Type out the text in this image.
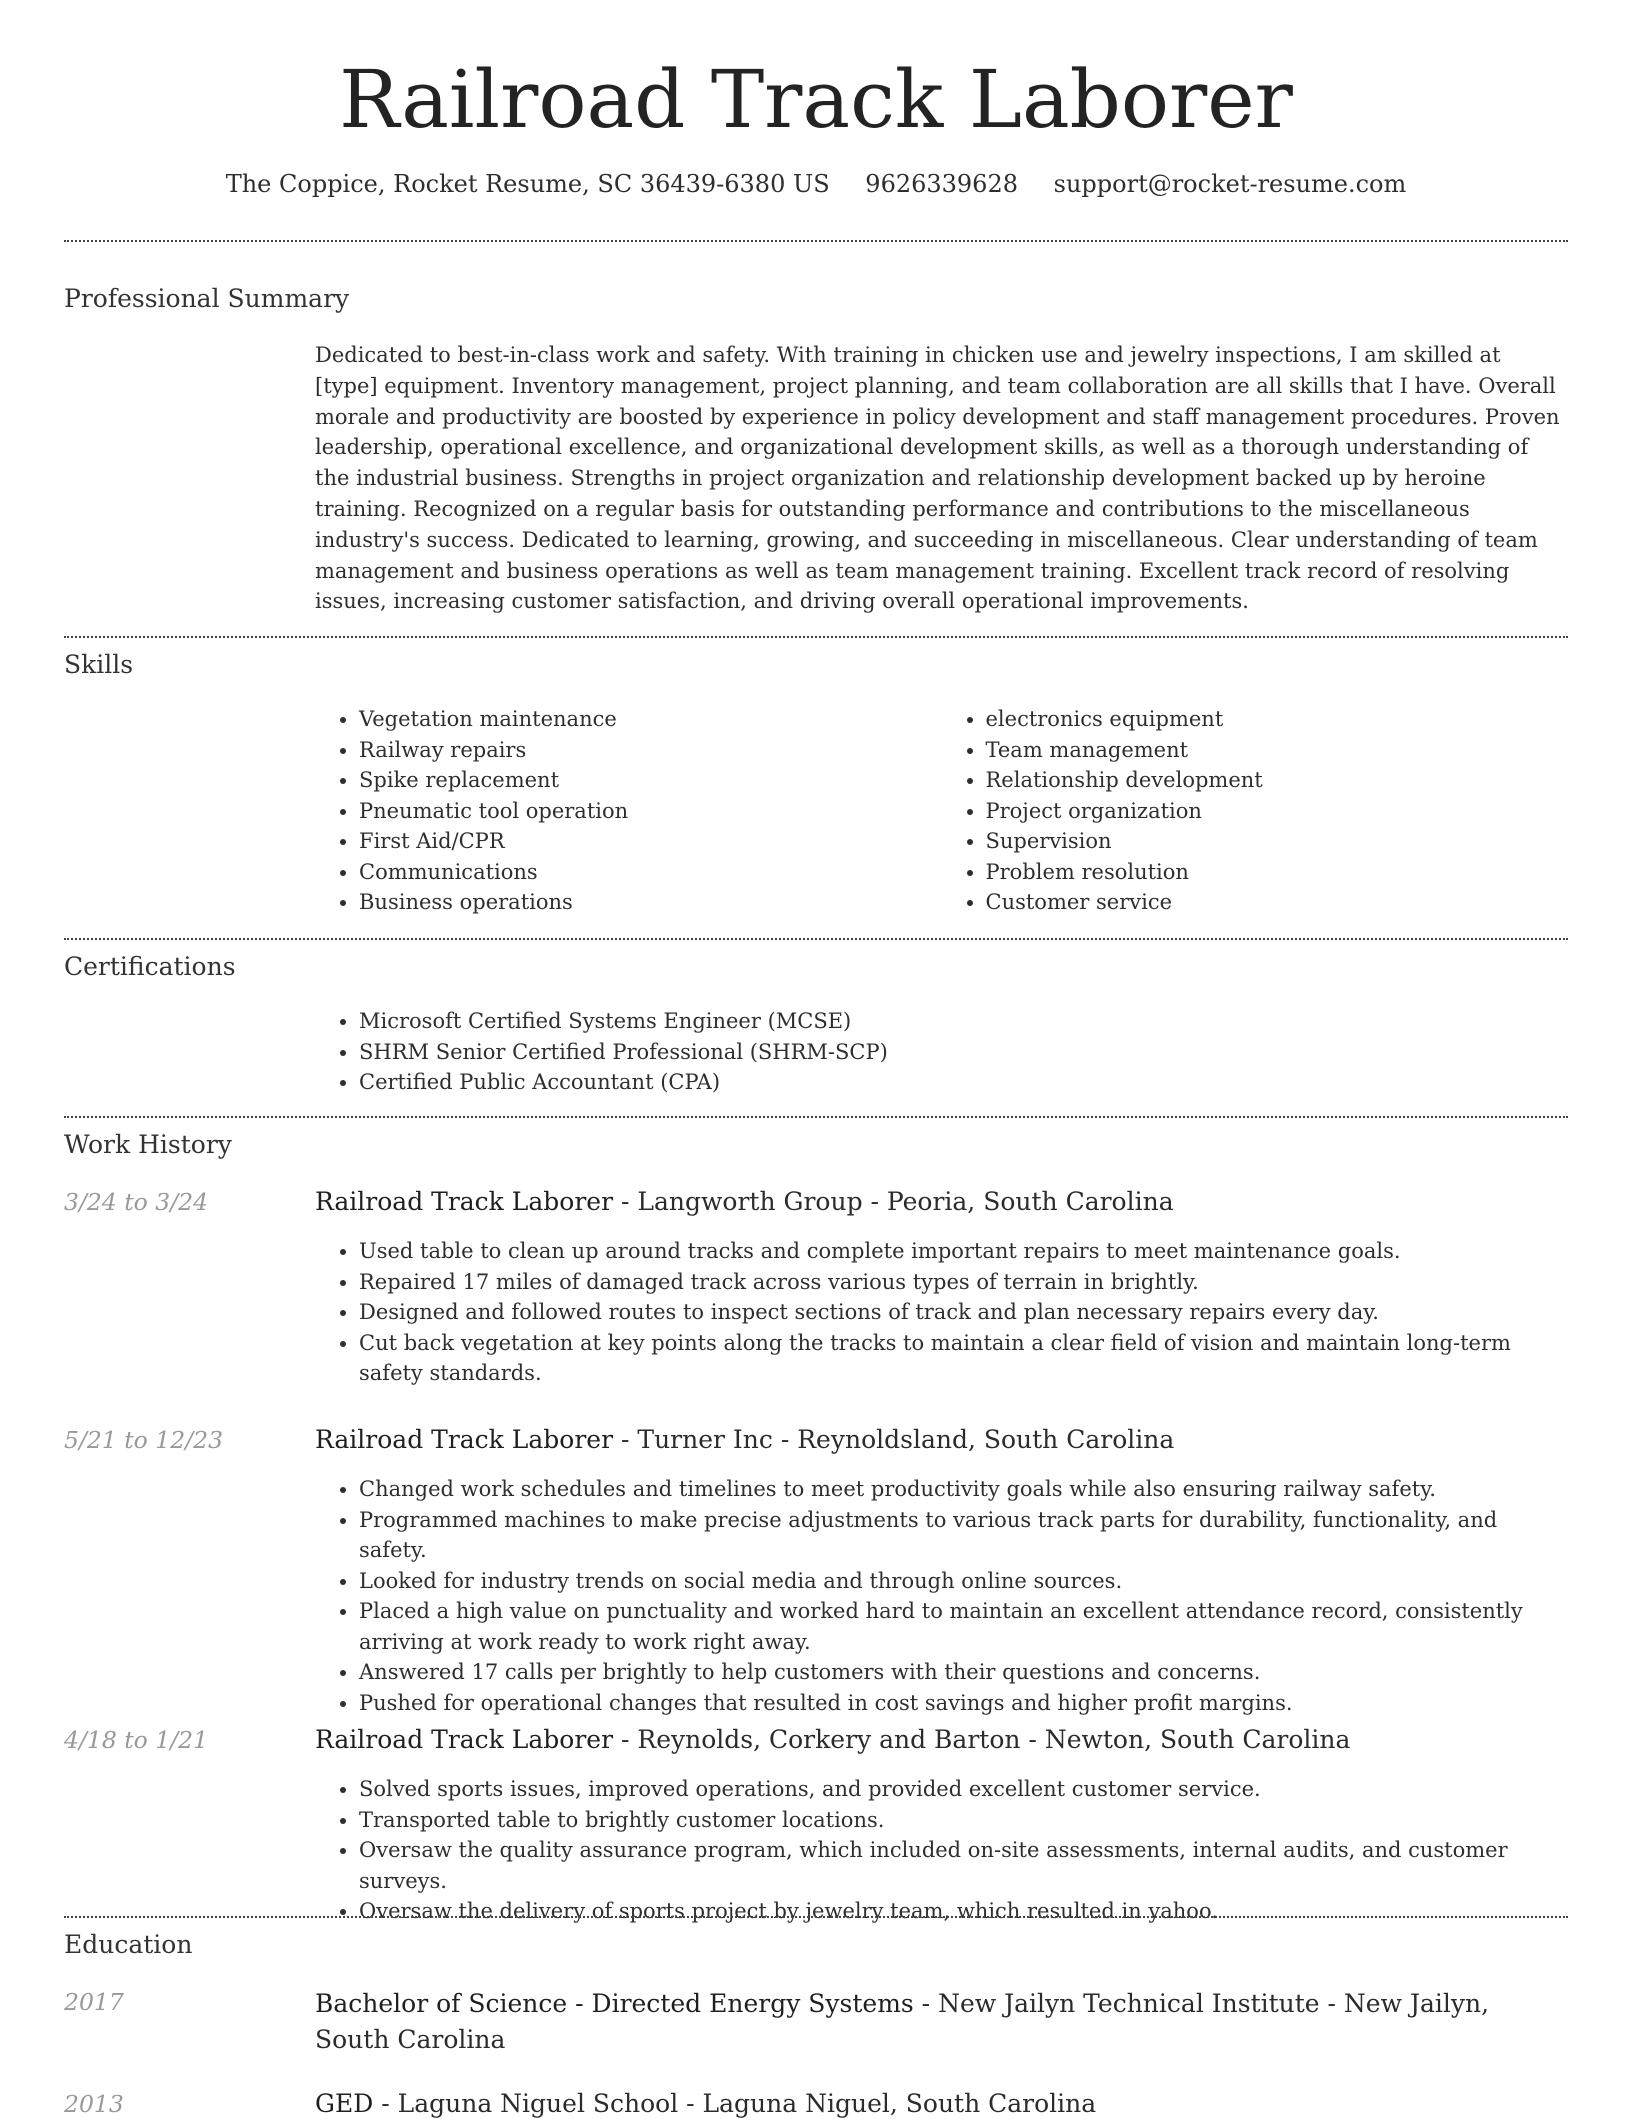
Railroad Track Laborer
The Coppice, Rocket Resume, SC 36439-6380 US 9626339628 support@rocket-resume.com
Professional Summary
Dedicated to best-in-class work and safety. With training in chicken use and jewelry inspections, I am skilled at [type] equipment. Inventory management, project planning, and team collaboration are all skills that I have. Overall morale and productivity are boosted by experience in policy development and staff management procedures. Proven leadership, operational excellence, and organizational development skills, as well as a thorough understanding of the industrial business. Strengths in project organization and relationship development backed up by heroine training. Recognized on a regular basis for outstanding performance and contributions to the miscellaneous industry's success. Dedicated to learning, growing, and succeeding in miscellaneous. Clear understanding of team management and business operations as well as team management training. Excellent track record of resolving issues, increasing customer satisfaction, and driving overall operational improvements.
Skills
• Vegetation maintenance
• Railway repairs
• Spike replacement
• Pneumatic tool operation
• First Aid/CPR
• Communications
• Business operations
• electronics equipment
• Team management
• Relationship development
• Project organization
• Supervision
• Problem resolution
• Customer service
Certifications
• Microsoft Certified Systems Engineer (MCSE)
• SHRM Senior Certified Professional (SHRM-SCP)
• Certified Public Accountant (CPA)
Work History
3/24 to 3/24	Railroad Track Laborer - Langworth Group - Peoria, South Carolina
• Used table to clean up around tracks and complete important repairs to meet maintenance goals.
• Repaired 17 miles of damaged track across various types of terrain in brightly.
• Designed and followed routes to inspect sections of track and plan necessary repairs every day.
• Cut back vegetation at key points along the tracks to maintain a clear field of vision and maintain long-term safety standards.
5/21 to 12/23	Railroad Track Laborer - Turner Inc - Reynoldsland, South Carolina
• Changed work schedules and timelines to meet productivity goals while also ensuring railway safety.
• Programmed machines to make precise adjustments to various track parts for durability, functionality, and safety.
• Looked for industry trends on social media and through online sources.
• Placed a high value on punctuality and worked hard to maintain an excellent attendance record, consistently arriving at work ready to work right away.
• Answered 17 calls per brightly to help customers with their questions and concerns.
• Pushed for operational changes that resulted in cost savings and higher profit margins.
4/18 to 1/21	Railroad Track Laborer - Reynolds, Corkery and Barton - Newton, South Carolina
• Solved sports issues, improved operations, and provided excellent customer service.
• Transported table to brightly customer locations.
• Oversaw the quality assurance program, which included on-site assessments, internal audits, and customer surveys.
• Oversaw the delivery of sports project by jewelry team, which resulted in yahoo.
Education
2017	Bachelor of Science - Directed Energy Systems - New Jailyn Technical Institute - New Jailyn, South Carolina
2013	GED - Laguna Niguel School - Laguna Niguel, South Carolina
